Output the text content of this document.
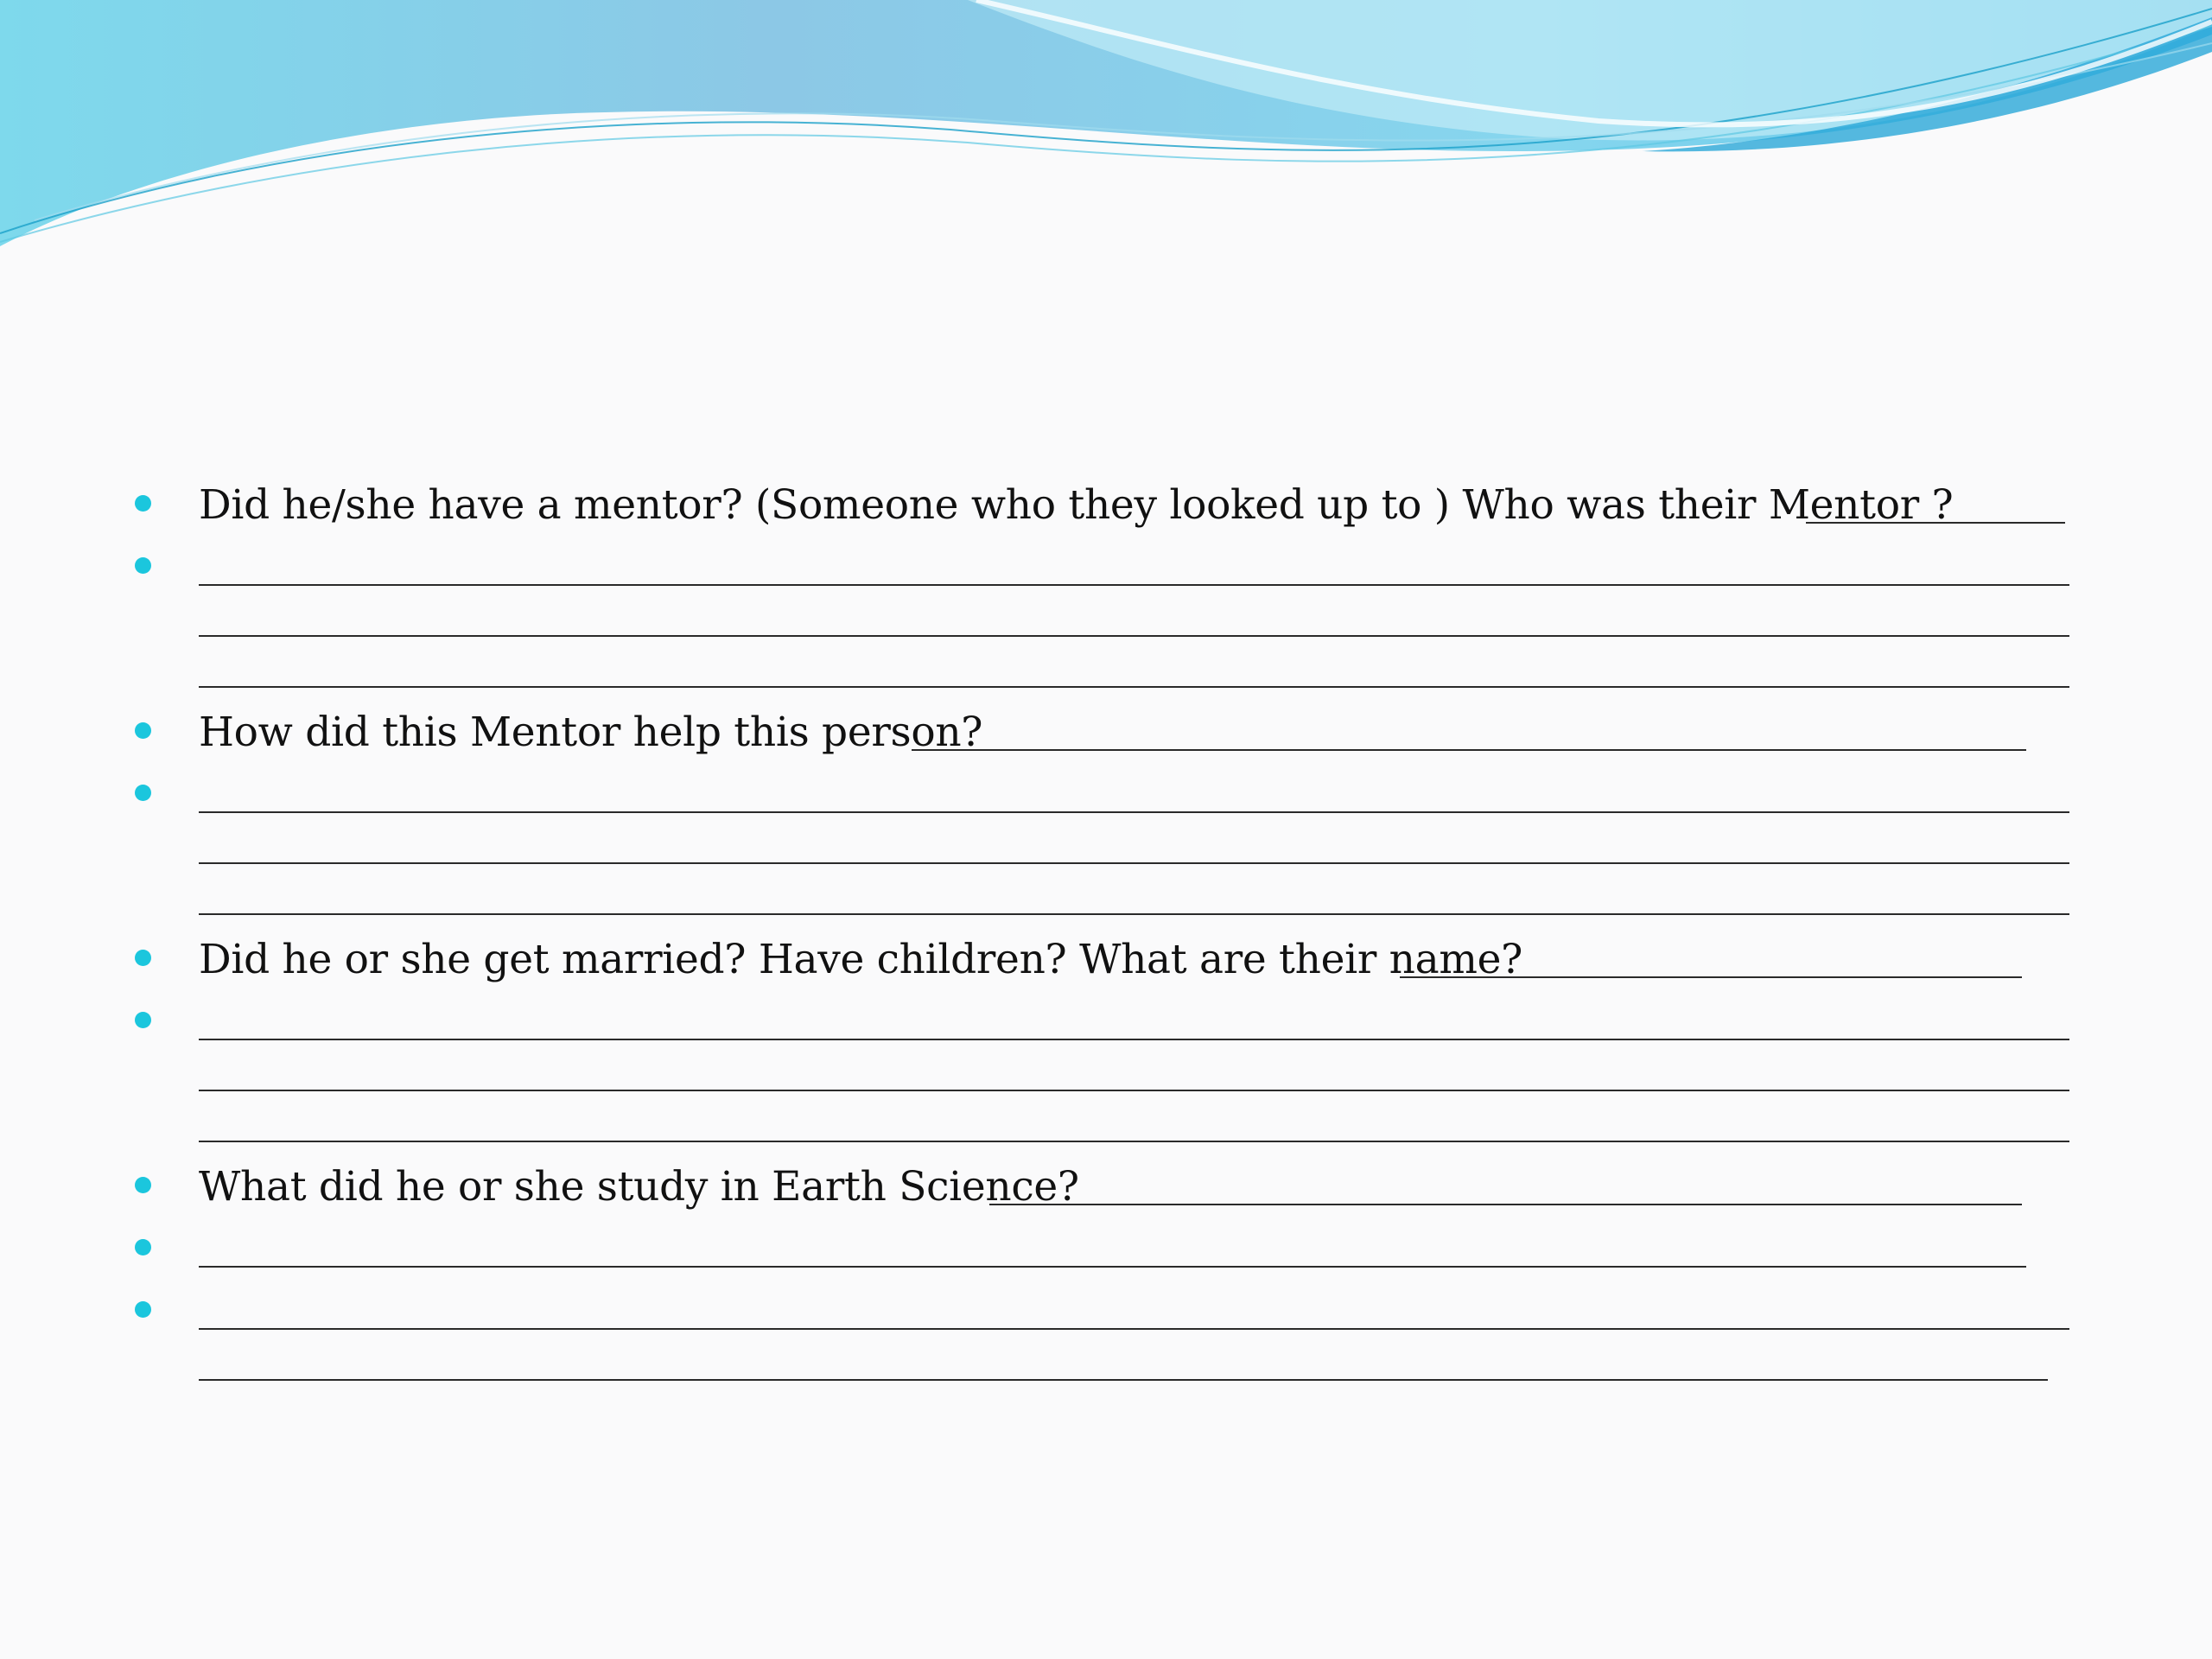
Did he/she have a mentor? (Someone who they looked up to ) Who was their Mentor ?
How did this Mentor help this person?
Did he or she get married? Have children? What are their name?
What did he or she study in Earth Science?
